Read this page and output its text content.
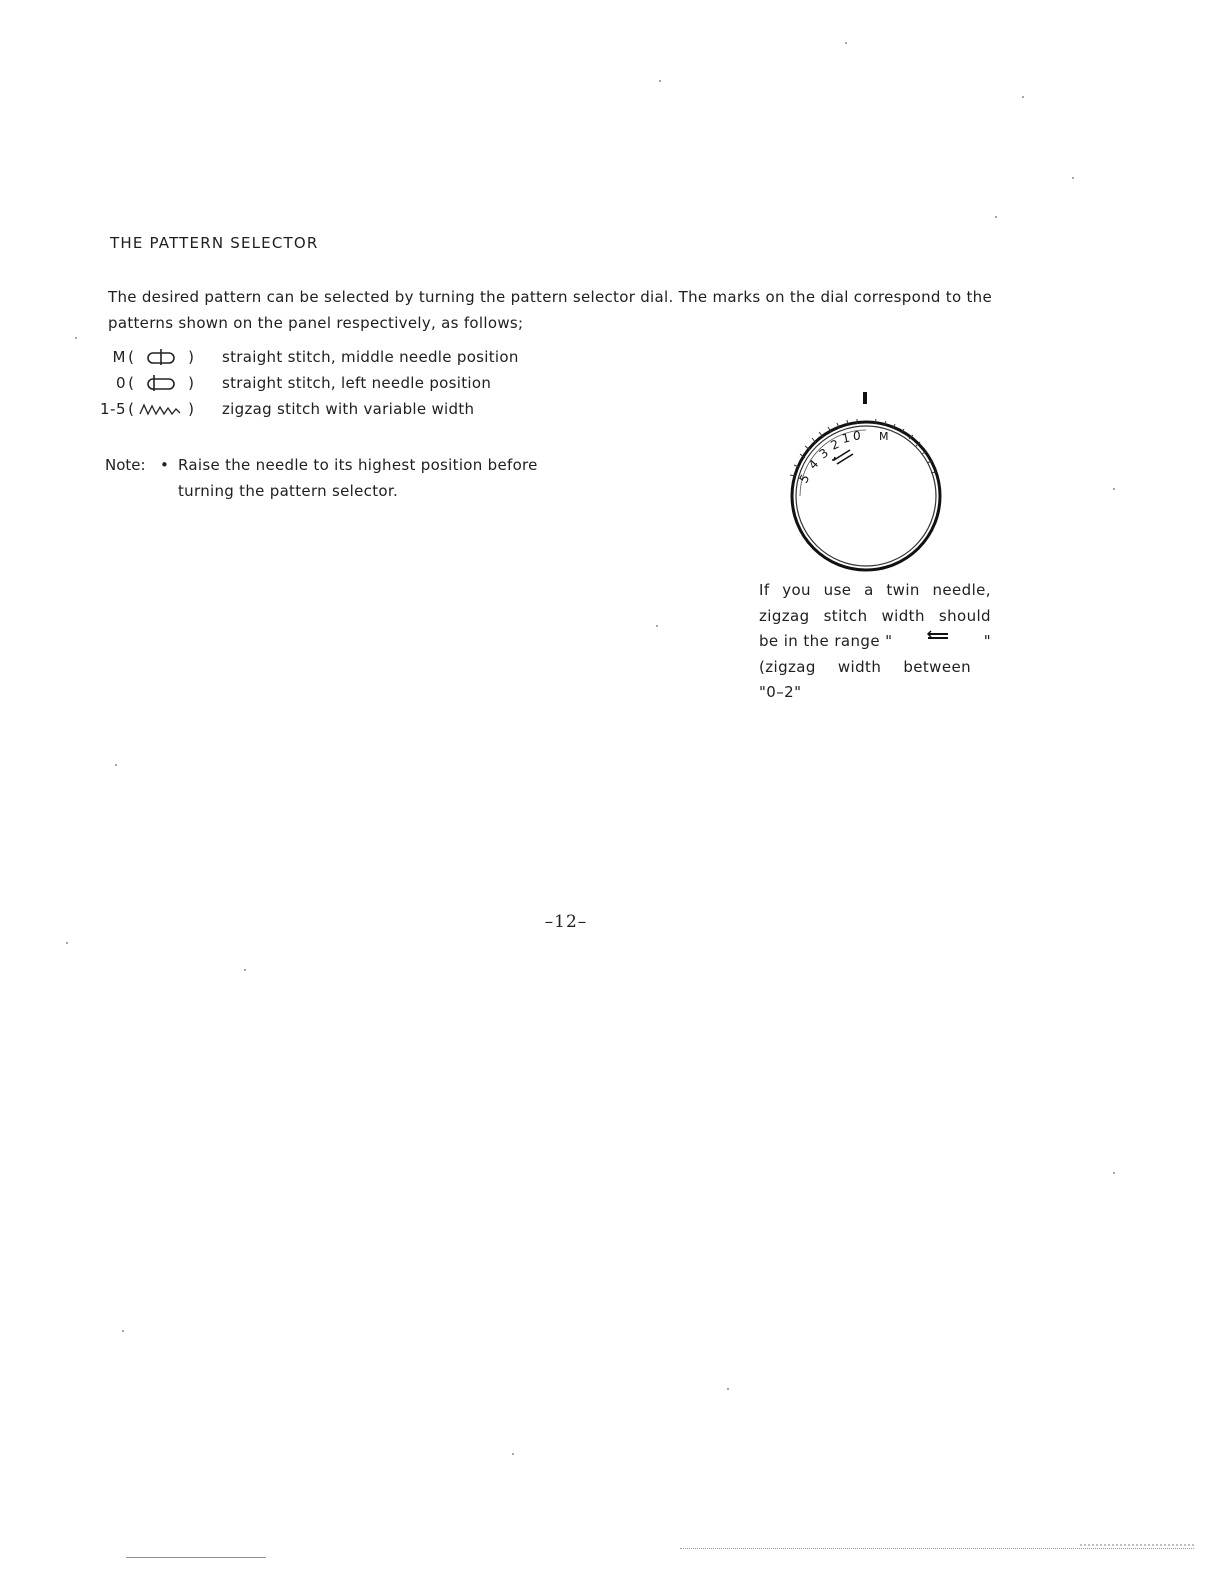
THE PATTERN SELECTOR

The desired pattern can be selected by turning the pattern selector dial. The marks on the dial correspond to the

patterns shown on the panel respectively, as follows;

M (	) straight stitch, middle needle position
0 (	) straight stitch, left needle position
1-5 (	) zigzag stitch with variable width
Note: • Raise the needle to its highest position before
turning the pattern selector.
5
4
3
2 1 0 M
If you use a twin needle,
zigzag stitch width should
be in the range "	"
(zigzag width between
"0–2"
–12–
